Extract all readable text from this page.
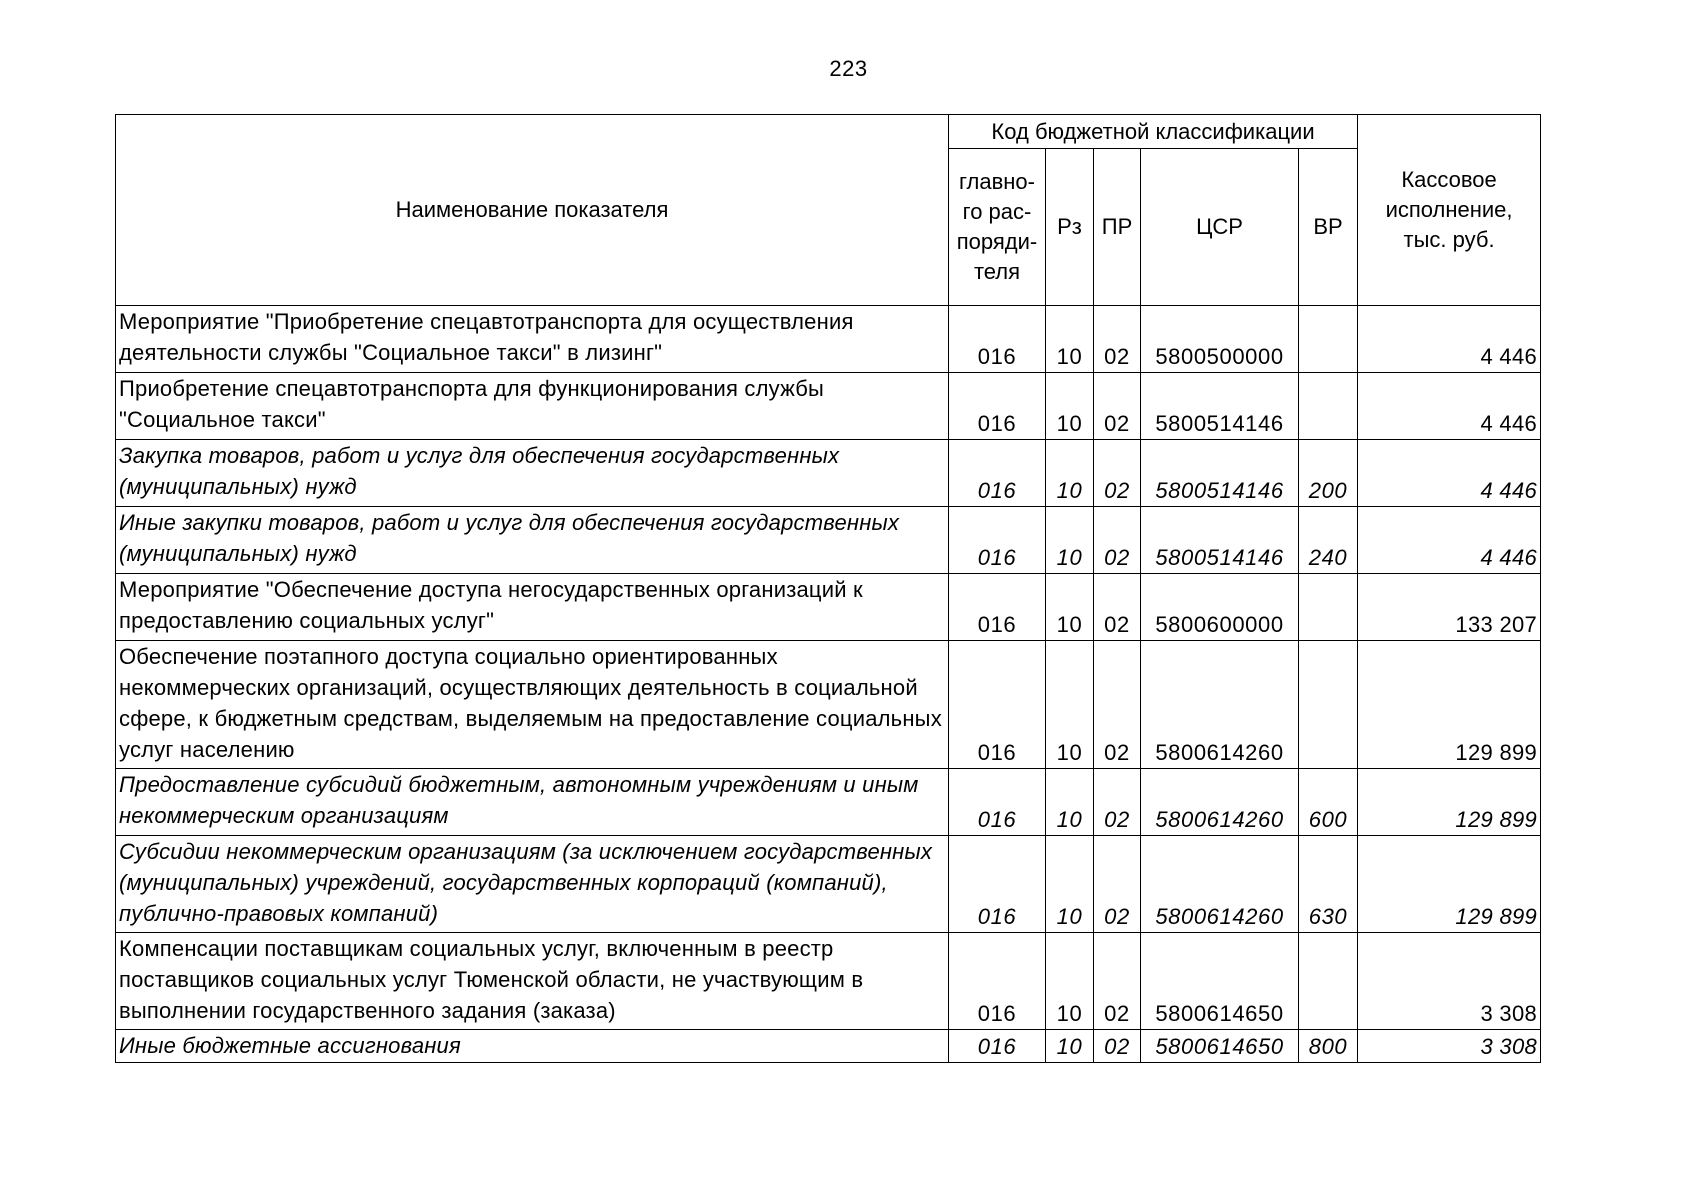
223
Наименование показателя	Код бюджетной классификации					Кассовое исполнение, тыс. руб.
	главно-го рас-поряди-теля	Рз	ПР	ЦСР	ВР	
Мероприятие "Приобретение спецавтотранспорта для осуществления деятельности службы "Социальное такси" в лизинг"	016	10	02	5800500000		4 446
Приобретение спецавтотранспорта для функционирования службы "Социальное такси"	016	10	02	5800514146		4 446
Закупка товаров, работ и услуг для обеспечения государственных (муниципальных) нужд	016	10	02	5800514146	200	4 446
Иные закупки товаров, работ и услуг для обеспечения государственных (муниципальных) нужд	016	10	02	5800514146	240	4 446
Мероприятие "Обеспечение доступа негосударственных организаций к предоставлению социальных услуг"	016	10	02	5800600000		133 207
Обеспечение поэтапного доступа социально ориентированных некоммерческих организаций, осуществляющих деятельность в социальной сфере, к бюджетным средствам, выделяемым на предоставление социальных услуг населению	016	10	02	5800614260		129 899
Предоставление субсидий бюджетным, автономным учреждениям и иным некоммерческим организациям	016	10	02	5800614260	600	129 899
Субсидии некоммерческим организациям (за исключением государственных (муниципальных) учреждений, государственных корпораций (компаний), публично-правовых компаний)	016	10	02	5800614260	630	129 899
Компенсации поставщикам социальных услуг, включенным в реестр поставщиков социальных услуг Тюменской области, не участвующим в выполнении государственного задания (заказа)	016	10	02	5800614650		3 308
Иные бюджетные ассигнования	016	10	02	5800614650	800	3 308
